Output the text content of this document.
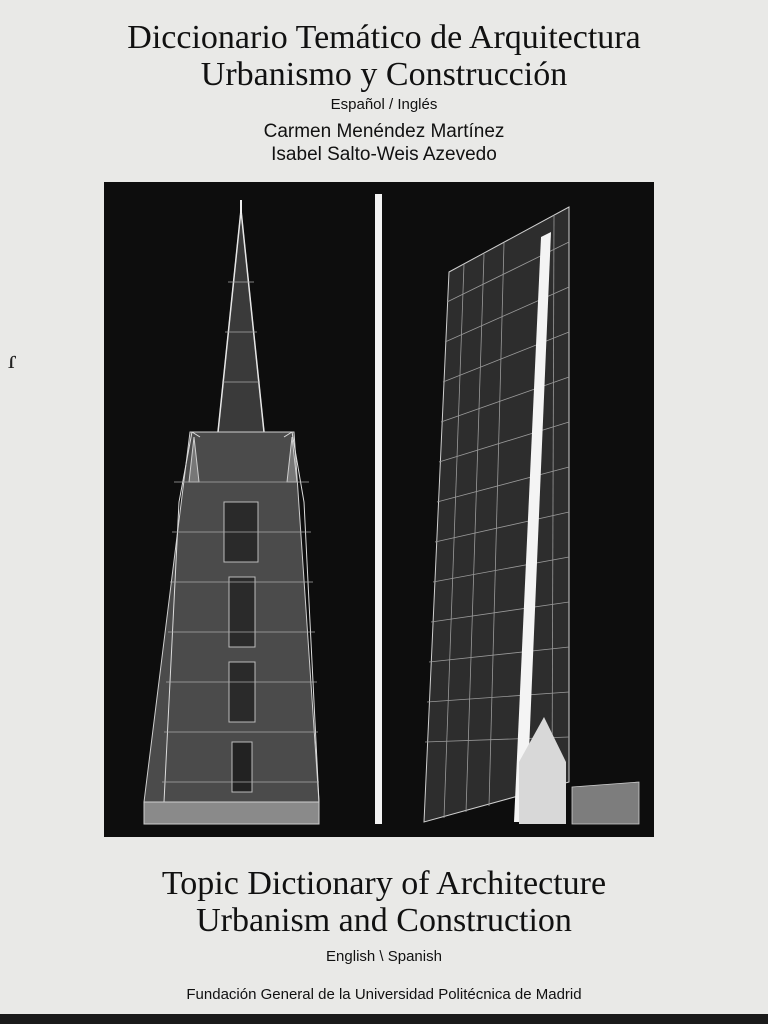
Diccionario Temático de Arquitectura
Urbanismo y Construcción
Español / Inglés
Carmen Menéndez Martínez
Isabel Salto-Weis Azevedo
Topic Dictionary of Architecture
Urbanism and Construction
English \ Spanish
Fundación General de la Universidad Politécnica de Madrid
ɾ
